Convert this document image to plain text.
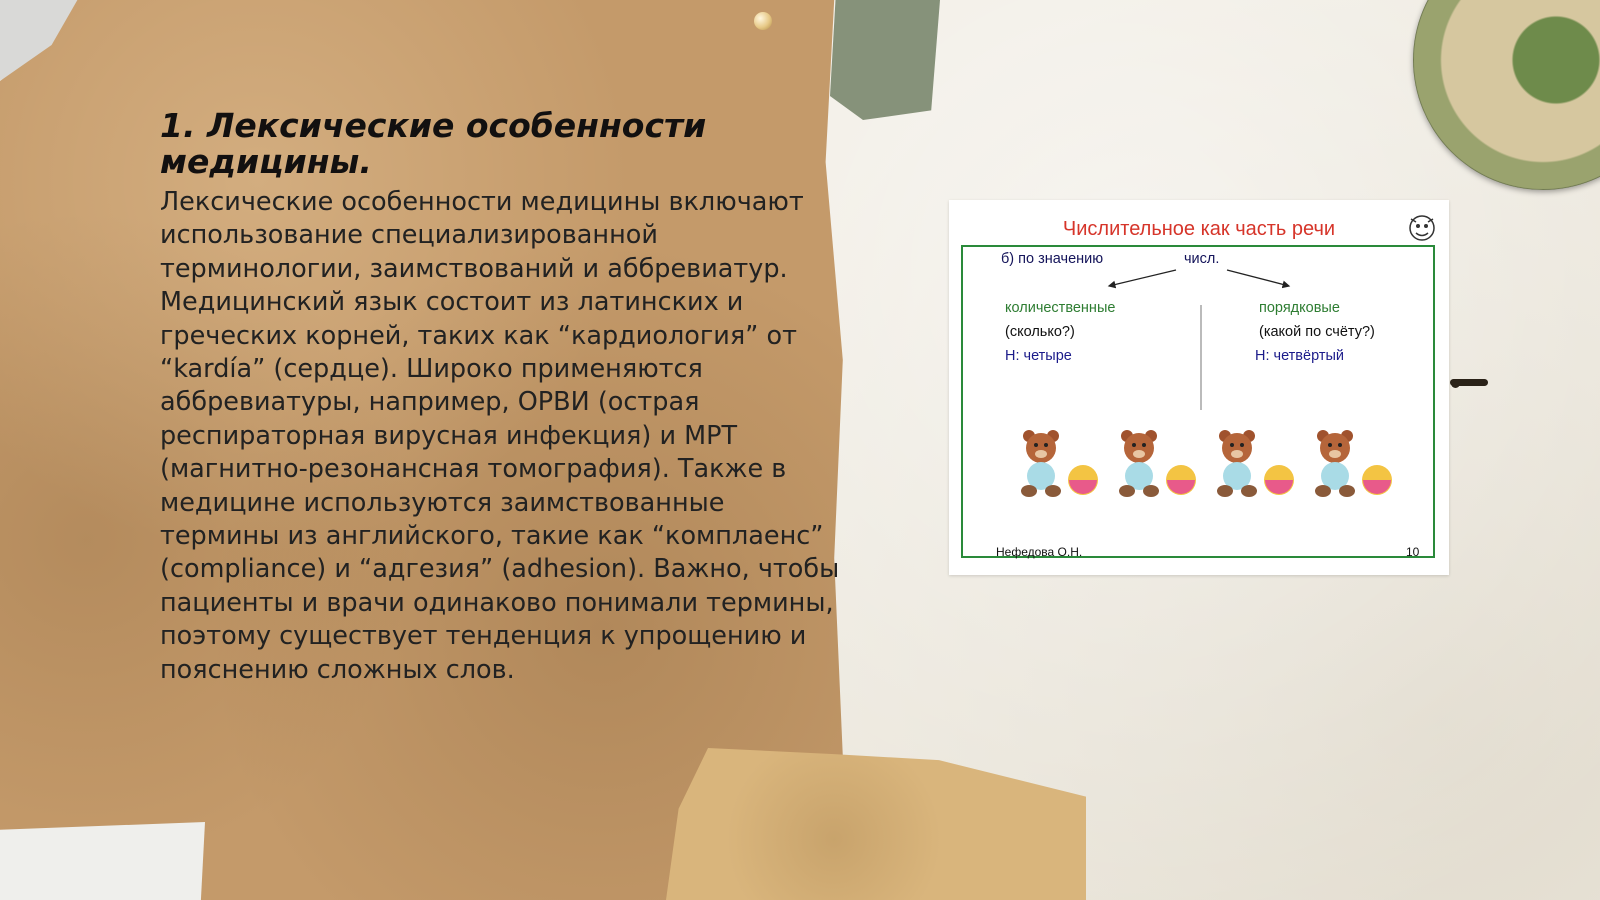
1. Лексические особенности медицины.

Лексические особенности медицины включают использование специализированной терминологии, заимствований и аббревиатур. Медицинский язык состоит из латинских и греческих корней, таких как “кардиология” от “kardía” (сердце). Широко применяются аббревиатуры, например, ОРВИ (острая респираторная вирусная инфекция) и МРТ (магнитно-резонансная томография). Также в медицине используются заимствованные термины из английского, такие как “комплаенс” (compliance) и “адгезия” (adhesion). Важно, чтобы пациенты и врачи одинаково понимали термины, поэтому существует тенденция к упрощению и пояснению сложных слов.

Числительное как часть речи
б) по значению	числ.
количественные
(сколько?)
Н: четыре
порядковые
(какой по счёту?)
Н: четвёртый
Нефедова О.Н.	10
